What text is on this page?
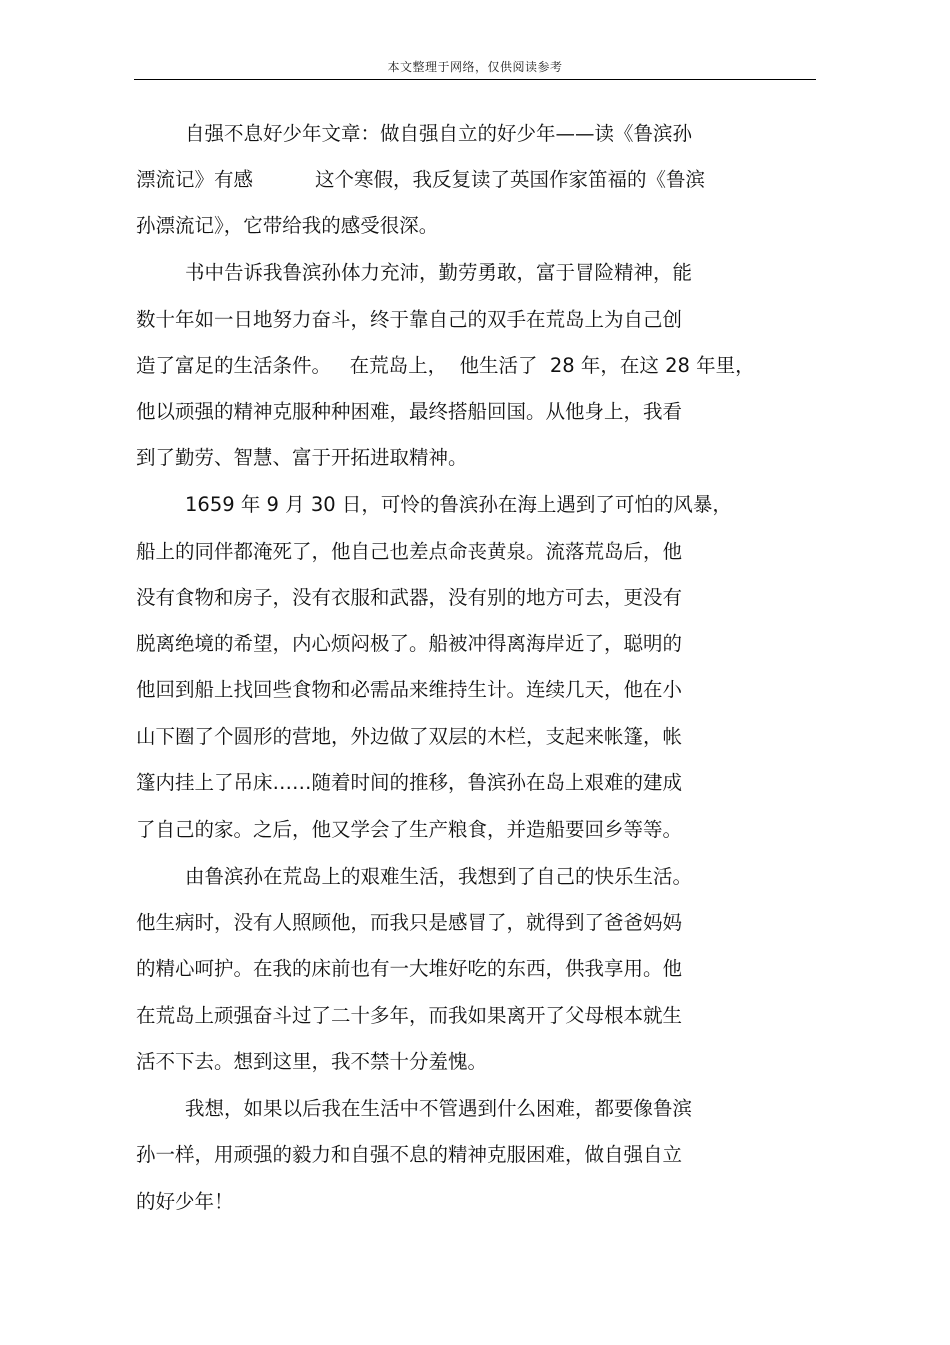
本文整理于网络，仅供阅读参考
自强不息好少年文章：做自强自立的好少年——读《鲁滨孙
漂流记》有感          这个寒假，我反复读了英国作家笛福的《鲁滨
孙漂流记》，它带给我的感受很深。
书中告诉我鲁滨孙体力充沛，勤劳勇敢，富于冒险精神，能
数十年如一日地努力奋斗，终于靠自己的双手在荒岛上为自己创
造了富足的生活条件。   在荒岛上，  他生活了  28 年，在这 28 年里，
他以顽强的精神克服种种困难，最终搭船回国。从他身上，我看
到了勤劳、智慧、富于开拓进取精神。
1659 年 9 月 30 日，可怜的鲁滨孙在海上遇到了可怕的风暴，
船上的同伴都淹死了，他自己也差点命丧黄泉。流落荒岛后，他
没有食物和房子，没有衣服和武器，没有别的地方可去，更没有
脱离绝境的希望，内心烦闷极了。船被冲得离海岸近了，聪明的
他回到船上找回些食物和必需品来维持生计。连续几天，他在小
山下圈了个圆形的营地，外边做了双层的木栏，支起来帐篷，帐
篷内挂上了吊床……随着时间的推移，鲁滨孙在岛上艰难的建成
了自己的家。之后，他又学会了生产粮食，并造船要回乡等等。
由鲁滨孙在荒岛上的艰难生活，我想到了自己的快乐生活。
他生病时，没有人照顾他，而我只是感冒了，就得到了爸爸妈妈
的精心呵护。在我的床前也有一大堆好吃的东西，供我享用。他
在荒岛上顽强奋斗过了二十多年，而我如果离开了父母根本就生
活不下去。想到这里，我不禁十分羞愧。
我想，如果以后我在生活中不管遇到什么困难，都要像鲁滨
孙一样，用顽强的毅力和自强不息的精神克服困难，做自强自立
的好少年！
